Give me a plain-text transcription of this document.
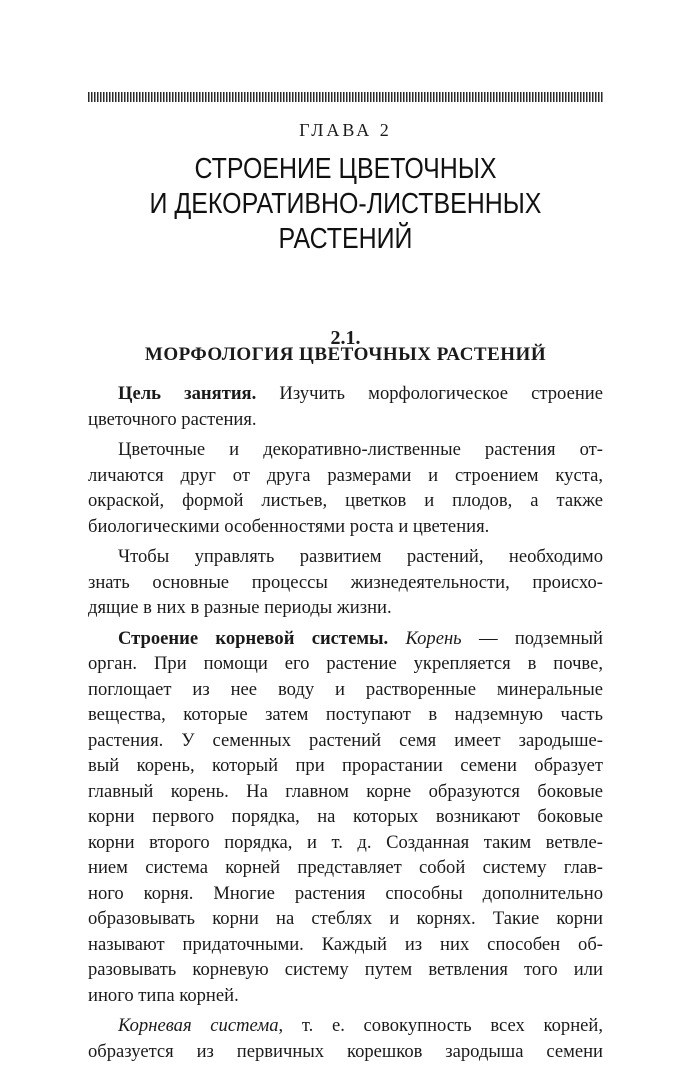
ГЛАВА 2
СТРОЕНИЕ ЦВЕТОЧНЫХ
И ДЕКОРАТИВНО-ЛИСТВЕННЫХ
РАСТЕНИЙ
2.1.
МОРФОЛОГИЯ ЦВЕТОЧНЫХ РАСТЕНИЙ

Цель занятия. Изучить морфологическое строение
цветочного растения.

Цветочные и декоративно-лиственные растения от-
личаются друг от друга размерами и строением куста,
окраской, формой листьев, цветков и плодов, а также
биологическими особенностями роста и цветения.

Чтобы управлять развитием растений, необходимо
знать основные процессы жизнедеятельности, происхо-
дящие в них в разные периоды жизни.

Строение корневой системы. Корень — подземный
орган. При помощи его растение укрепляется в почве,
поглощает из нее воду и растворенные минеральные
вещества, которые затем поступают в надземную часть
растения. У семенных растений семя имеет зародыше-
вый корень, который при прорастании семени образует
главный корень. На главном корне образуются боковые
корни первого порядка, на которых возникают боковые
корни второго порядка, и т. д. Созданная таким ветвле-
нием система корней представляет собой систему глав-
ного корня. Многие растения способны дополнительно
образовывать корни на стеблях и корнях. Такие корни
называют придаточными. Каждый из них способен об-
разовывать корневую систему путем ветвления того или
иного типа корней.

Корневая система, т. е. совокупность всех корней,
образуется из первичных корешков зародыша семени
